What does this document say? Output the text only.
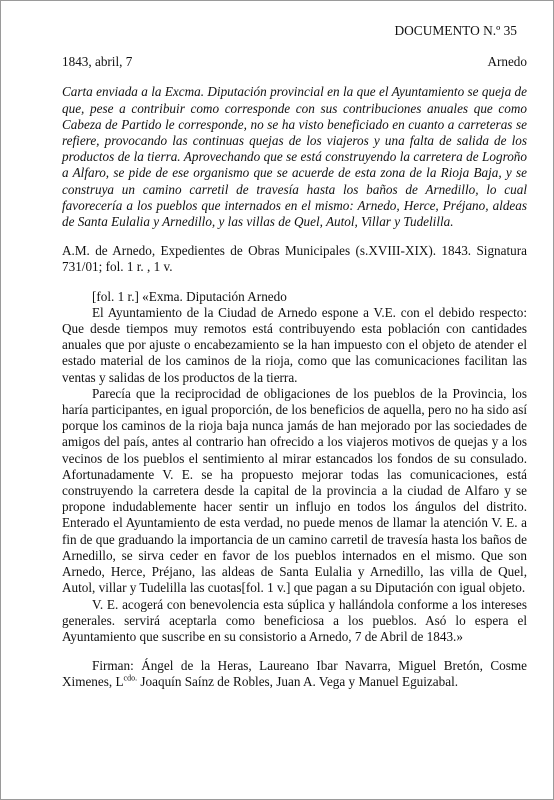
DOCUMENTO N.º 35
1843, abril, 7	Arnedo

Carta enviada a la Excma. Diputación provincial en la que el Ayuntamiento se queja de que, pese a contribuir como corresponde con sus contribuciones anuales que como Cabeza de Partido le corresponde, no se ha visto beneficiado en cuanto a carreteras se refiere, provocando las continuas quejas de los viajeros y una falta de salida de los productos de la tierra. Aprovechando que se está construyendo la carretera de Logroño a Alfaro, se pide de ese organismo que se acuerde de esta zona de la Rioja Baja, y se construya un camino carretil de travesía hasta los baños de Arnedillo, lo cual favorecería a los pueblos que internados en el mismo: Arnedo, Herce, Préjano, aldeas de Santa Eulalia y Arnedillo, y las villas de Quel, Autol, Villar y Tudelilla.

A.M. de Arnedo, Expedientes de Obras Municipales (s.XVIII-XIX). 1843. Signatura 731/01; fol. 1 r. , 1 v.

[fol. 1 r.] «Exma. Diputación Arnedo

El Ayuntamiento de la Ciudad de Arnedo espone a V.E. con el debido respecto: Que desde tiempos muy remotos está contribuyendo esta población con cantidades anuales que por ajuste o encabezamiento se la han impuesto con el objeto de atender el estado material de los caminos de la rioja, como que las comunicaciones facilitan las ventas y salidas de los productos de la tierra.

Parecía que la reciprocidad de obligaciones de los pueblos de la Provincia, los haría participantes, en igual proporción, de los beneficios de aquella, pero no ha sido así porque los caminos de la rioja baja nunca jamás de han mejorado por las sociedades de amigos del país, antes al contrario han ofrecido a los viajeros motivos de quejas y a los vecinos de los pueblos el sentimiento al mirar estancados los fondos de su consulado. Afortunadamente V. E. se ha propuesto mejorar todas las comunicaciones, está construyendo la carretera desde la capital de la provincia a la ciudad de Alfaro y se propone indudablemente hacer sentir un influjo en todos los ángulos del distrito. Enterado el Ayuntamiento de esta verdad, no puede menos de llamar la atención V. E. a fin de que graduando la importancia de un camino carretil de travesía hasta los baños de Arnedillo, se sirva ceder en favor de los pueblos internados en el mismo. Que son Arnedo, Herce, Préjano, las aldeas de Santa Eulalia y Arnedillo, las villa de Quel, Autol, villar y Tudelilla las cuotas[fol. 1 v.] que pagan a su Diputación con igual objeto.

V. E. acogerá con benevolencia esta súplica y hallándola conforme a los intereses generales. servirá aceptarla como beneficiosa a los pueblos. Asó lo espera el Ayuntamiento que suscribe en su consistorio a Arnedo, 7 de Abril de 1843.»

Firman: Ángel de la Heras, Laureano Ibar Navarra, Miguel Bretón, Cosme Ximenes, $L^{cdo.}$ Joaquín Saínz de Robles, Juan A. Vega y Manuel Eguizabal.
